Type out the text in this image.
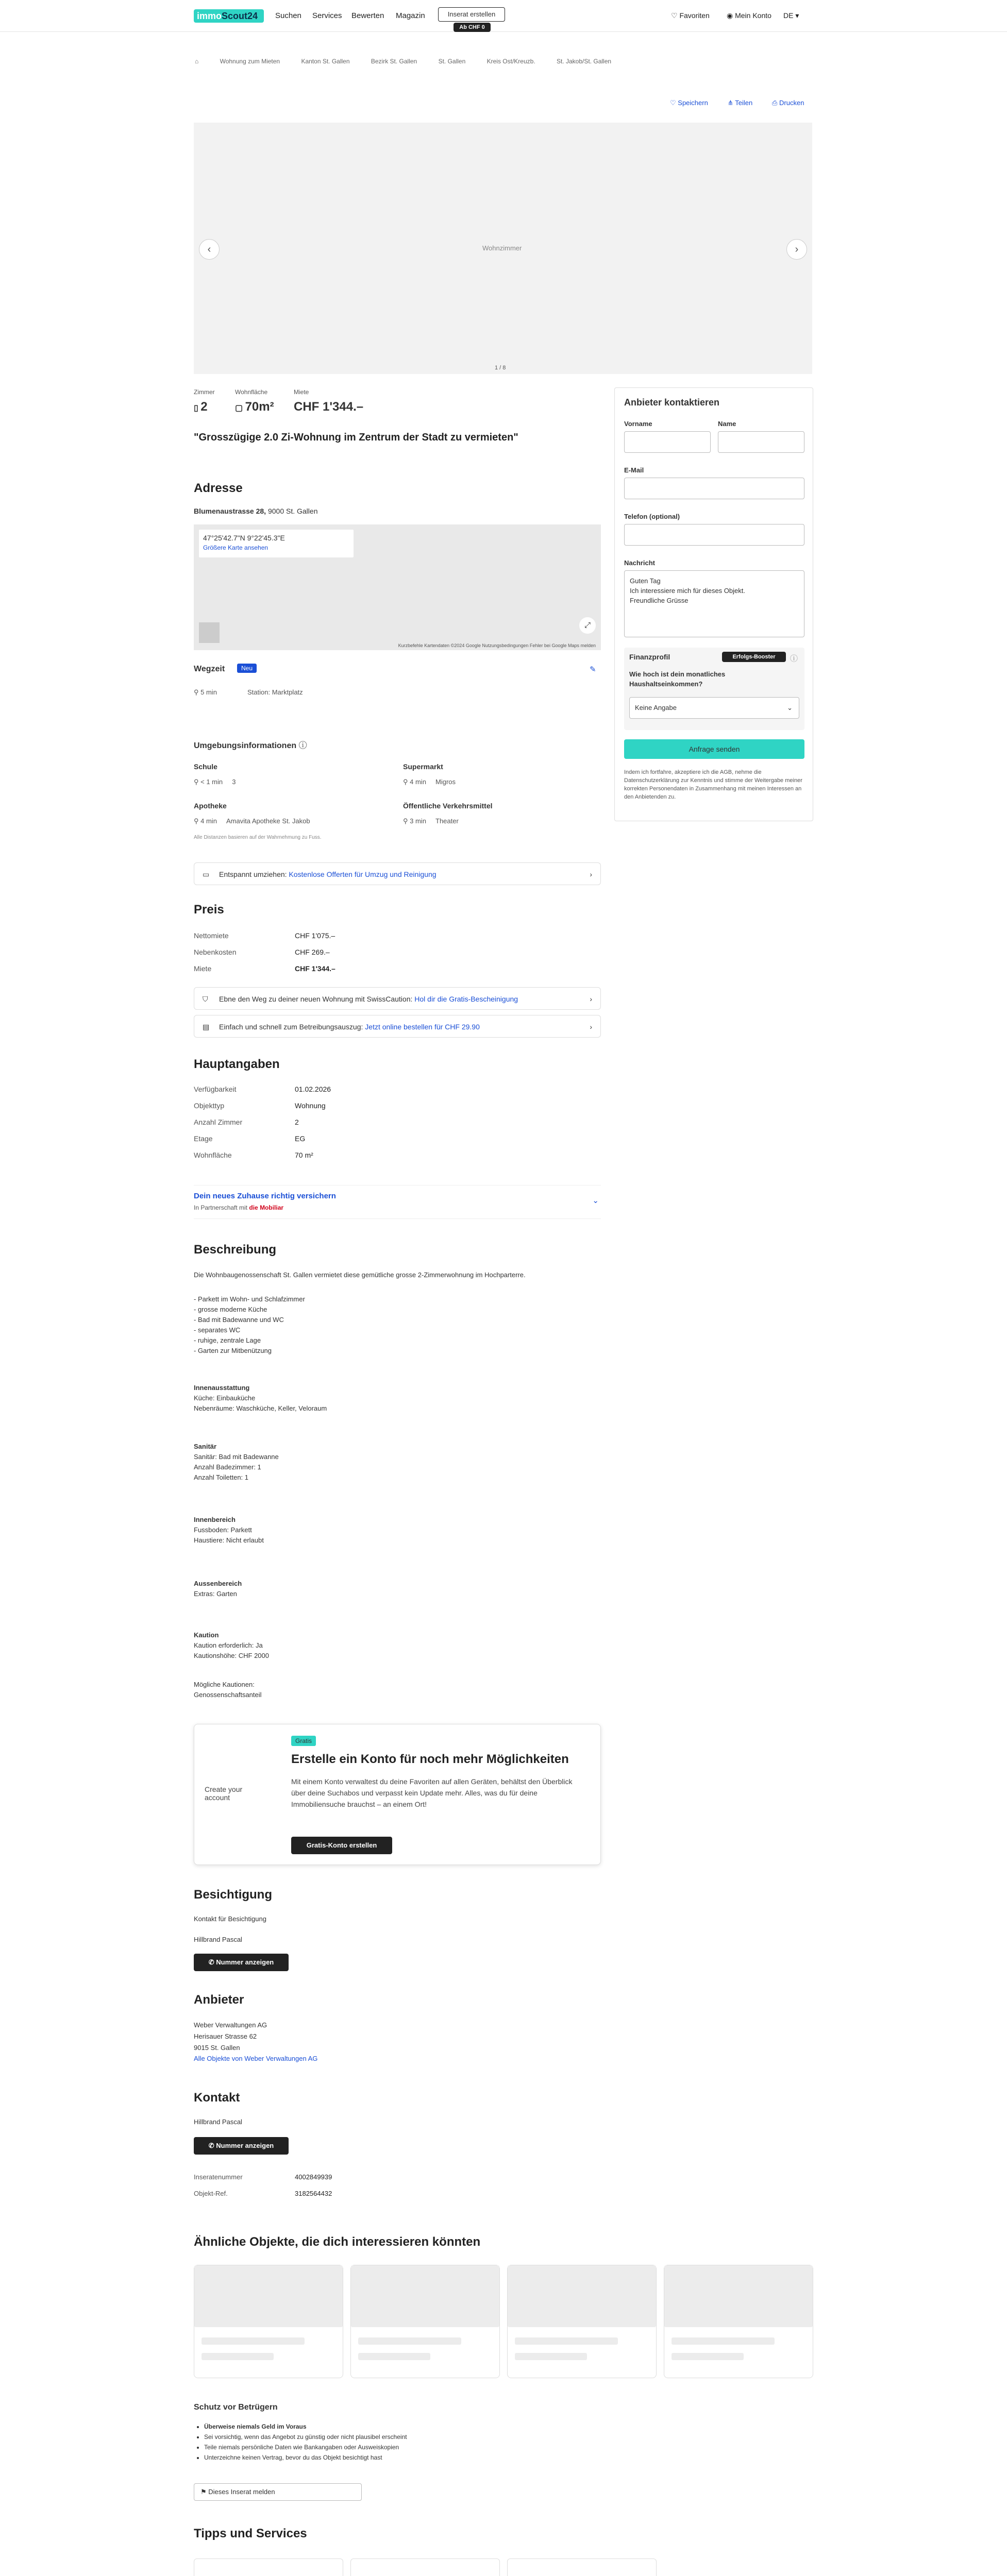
immoScout24	Suchen Services Bewerten Magazin	Inserat erstellen
Ab CHF 0
♡ Favoriten ◉ Mein Konto DE ▾
⌂	Wohnung zum Mieten	Kanton St. Gallen	Bezirk St. Gallen	St. Gallen	Kreis Ost/Kreuzb.	St. Jakob/St. Gallen
♡ Speichern	⋔ Teilen	⎙ Drucken
Wohnzimmer
‹	›
1 / 8
Zimmer
▯ 2
Wohnfläche
▢ 70m²
Miete
CHF 1'344.–
"Grosszügige 2.0 Zi-Wohnung im Zentrum der Stadt zu vermieten"
Adresse
Blumenaustrasse 28, 9000 St. Gallen
47°25'42.7"N 9°22'45.3"E
Größere Karte ansehen
⤢
Kurzbefehle Kartendaten ©2024 Google Nutzungsbedingungen Fehler bei Google Maps melden
Wegzeit	Neu	✎
⚲ 5 min	Station: Marktplatz
Umgebungsinformationen ⓘ
Schule
⚲ < 1 min 3
Supermarkt
⚲ 4 min Migros
Apotheke
⚲ 4 min Amavita Apotheke St. Jakob
Öffentliche Verkehrsmittel
⚲ 3 min Theater
Alle Distanzen basieren auf der Wahrnehmung zu Fuss.
▭ Entspannt umziehen: Kostenlose Offerten für Umzug und Reinigung	›
Preis
Nettomiete	CHF 1'075.–
Nebenkosten	CHF 269.–
Miete	CHF 1'344.–
⛉ Ebne den Weg zu deiner neuen Wohnung mit SwissCaution: Hol dir die Gratis-Bescheinigung	›
▤ Einfach und schnell zum Betreibungsauszug: Jetzt online bestellen für CHF 29.90	›
Hauptangaben
Verfügbarkeit	01.02.2026
Objekttyp	Wohnung
Anzahl Zimmer	2
Etage	EG
Wohnfläche	70 m²
Dein neues Zuhause richtig versichern
In Partnerschaft mit die Mobiliar
⌄
Beschreibung
Die Wohnbaugenossenschaft St. Gallen vermietet diese gemütliche grosse 2-Zimmerwohnung im Hochparterre.
- Parkett im Wohn- und Schlafzimmer
- grosse moderne Küche
- Bad mit Badewanne und WC
- separates WC
- ruhige, zentrale Lage
- Garten zur Mitbenützung
Innenausstattung
Küche: Einbauküche
Nebenräume: Waschküche, Keller, Veloraum
Sanitär
Sanitär: Bad mit Badewanne
Anzahl Badezimmer: 1
Anzahl Toiletten: 1
Innenbereich
Fussboden: Parkett
Haustiere: Nicht erlaubt
Aussenbereich
Extras: Garten
Kaution
Kaution erforderlich: Ja
Kautionshöhe: CHF 2000
Mögliche Kautionen:
Genossenschaftsanteil
Create your account
Gratis
Erstelle ein Konto für noch mehr Möglichkeiten
Mit einem Konto verwaltest du deine Favoriten auf allen Geräten, behältst den Überblick über deine Suchabos und verpasst kein Update mehr. Alles, was du für deine Immobiliensuche brauchst – an einem Ort!
Gratis-Konto erstellen
Besichtigung
Kontakt für Besichtigung
Hillbrand Pascal
✆ Nummer anzeigen
Anbieter
Weber Verwaltungen AG
Herisauer Strasse 62
9015 St. Gallen
Alle Objekte von Weber Verwaltungen AG
Kontakt
Hillbrand Pascal
✆ Nummer anzeigen
Inseratenummer	4002849939
Objekt-Ref.	3182564432
Ähnliche Objekte, die dich interessieren könnten
Schutz vor Betrügern
• Überweise niemals Geld im Voraus
• Sei vorsichtig, wenn das Angebot zu günstig oder nicht plausibel erscheint
• Teile niemals persönliche Daten wie Bankangaben oder Ausweiskopien
• Unterzeichne keinen Vertrag, bevor du das Objekt besichtigt hast
⚑ Dieses Inserat melden
Tipps und Services
Anbieter kontaktieren
Vorname	Name
E-Mail
Telefon (optional)
Nachricht
Guten Tag
Ich interessiere mich für dieses Objekt.
Freundliche Grüsse
Finanzprofil	Erfolgs-Booster	ⓘ
Wie hoch ist dein monatliches Haushaltseinkommen?
Keine Angabe	⌄
Anfrage senden
Indem ich fortfahre, akzeptiere ich die AGB, nehme die Datenschutzerklärung zur Kenntnis und stimme der Weitergabe meiner korrekten Personendaten in Zusammenhang mit meinen Interessen an den Anbietenden zu.
